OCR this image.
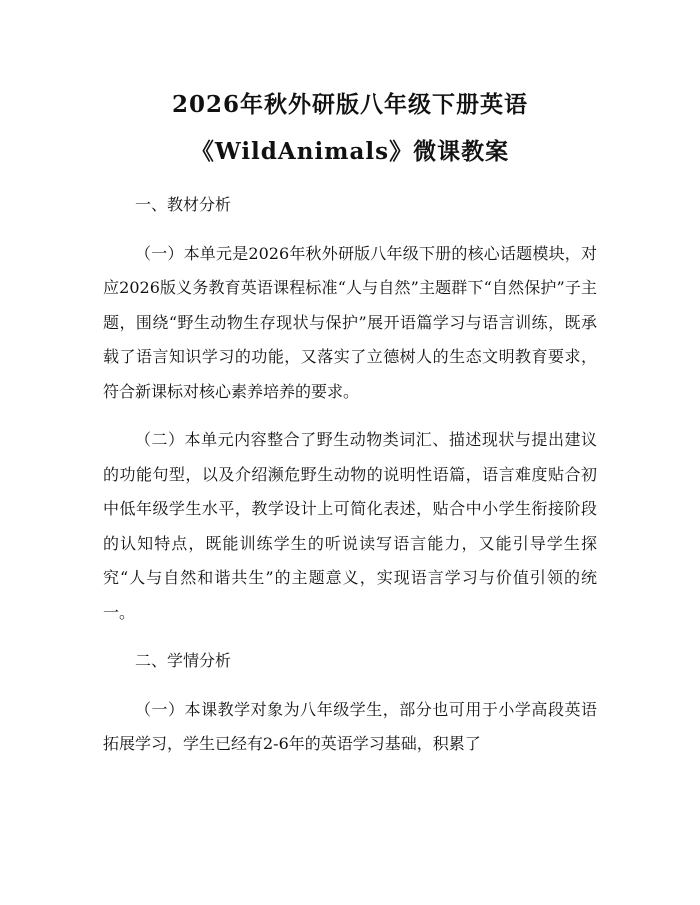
2026年秋外研版八年级下册英语
《WildAnimals》微课教案

一、教材分析

（一）本单元是2026年秋外研版八年级下册的核心话题模块，对应2026版义务教育英语课程标准“人与自然”主题群下“自然保护”子主题，围绕“野生动物生存现状与保护”展开语篇学习与语言训练，既承载了语言知识学习的功能，又落实了立德树人的生态文明教育要求，符合新课标对核心素养培养的要求。

（二）本单元内容整合了野生动物类词汇、描述现状与提出建议的功能句型，以及介绍濒危野生动物的说明性语篇，语言难度贴合初中低年级学生水平，教学设计上可简化表述，贴合中小学生衔接阶段的认知特点，既能训练学生的听说读写语言能力，又能引导学生探究“人与自然和谐共生”的主题意义，实现语言学习与价值引领的统一。

二、学情分析

（一）本课教学对象为八年级学生，部分也可用于小学高段英语拓展学习，学生已经有2-6年的英语学习基础，积累了
